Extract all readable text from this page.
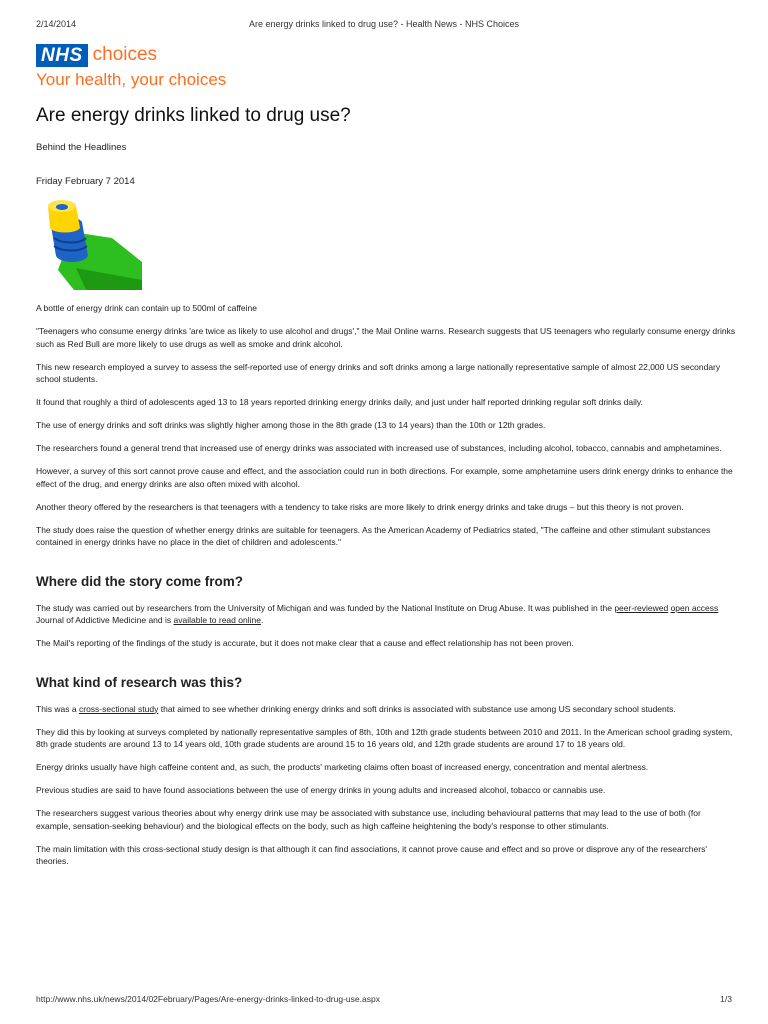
2/14/2014	Are energy drinks linked to drug use? - Health News - NHS Choices
NHS choices
Your health, your choices
Are energy drinks linked to drug use?
Behind the Headlines
Friday February 7 2014

A bottle of energy drink can contain up to 500ml of caffeine

"Teenagers who consume energy drinks 'are twice as likely to use alcohol and drugs'," the Mail Online warns. Research suggests that US teenagers who regularly consume energy drinks such as Red Bull are more likely to use drugs as well as smoke and drink alcohol.

This new research employed a survey to assess the self-reported use of energy drinks and soft drinks among a large nationally representative sample of almost 22,000 US secondary school students.

It found that roughly a third of adolescents aged 13 to 18 years reported drinking energy drinks daily, and just under half reported drinking regular soft drinks daily.

The use of energy drinks and soft drinks was slightly higher among those in the 8th grade (13 to 14 years) than the 10th or 12th grades.

The researchers found a general trend that increased use of energy drinks was associated with increased use of substances, including alcohol, tobacco, cannabis and amphetamines.

However, a survey of this sort cannot prove cause and effect, and the association could run in both directions. For example, some amphetamine users drink energy drinks to enhance the effect of the drug, and energy drinks are also often mixed with alcohol.

Another theory offered by the researchers is that teenagers with a tendency to take risks are more likely to drink energy drinks and take drugs – but this theory is not proven.

The study does raise the question of whether energy drinks are suitable for teenagers. As the American Academy of Pediatrics stated, "The caffeine and other stimulant substances contained in energy drinks have no place in the diet of children and adolescents."

Where did the story come from?

The study was carried out by researchers from the University of Michigan and was funded by the National Institute on Drug Abuse. It was published in the peer-reviewed open access Journal of Addictive Medicine and is available to read online.

The Mail's reporting of the findings of the study is accurate, but it does not make clear that a cause and effect relationship has not been proven.

What kind of research was this?

This was a cross-sectional study that aimed to see whether drinking energy drinks and soft drinks is associated with substance use among US secondary school students.

They did this by looking at surveys completed by nationally representative samples of 8th, 10th and 12th grade students between 2010 and 2011. In the American school grading system, 8th grade students are around 13 to 14 years old, 10th grade students are around 15 to 16 years old, and 12th grade students are around 17 to 18 years old.

Energy drinks usually have high caffeine content and, as such, the products' marketing claims often boast of increased energy, concentration and mental alertness.

Previous studies are said to have found associations between the use of energy drinks in young adults and increased alcohol, tobacco or cannabis use.

The researchers suggest various theories about why energy drink use may be associated with substance use, including behavioural patterns that may lead to the use of both (for example, sensation-seeking behaviour) and the biological effects on the body, such as high caffeine heightening the body's response to other stimulants.

The main limitation with this cross-sectional study design is that although it can find associations, it cannot prove cause and effect and so prove or disprove any of the researchers' theories.

http://www.nhs.uk/news/2014/02February/Pages/Are-energy-drinks-linked-to-drug-use.aspx	1/3
